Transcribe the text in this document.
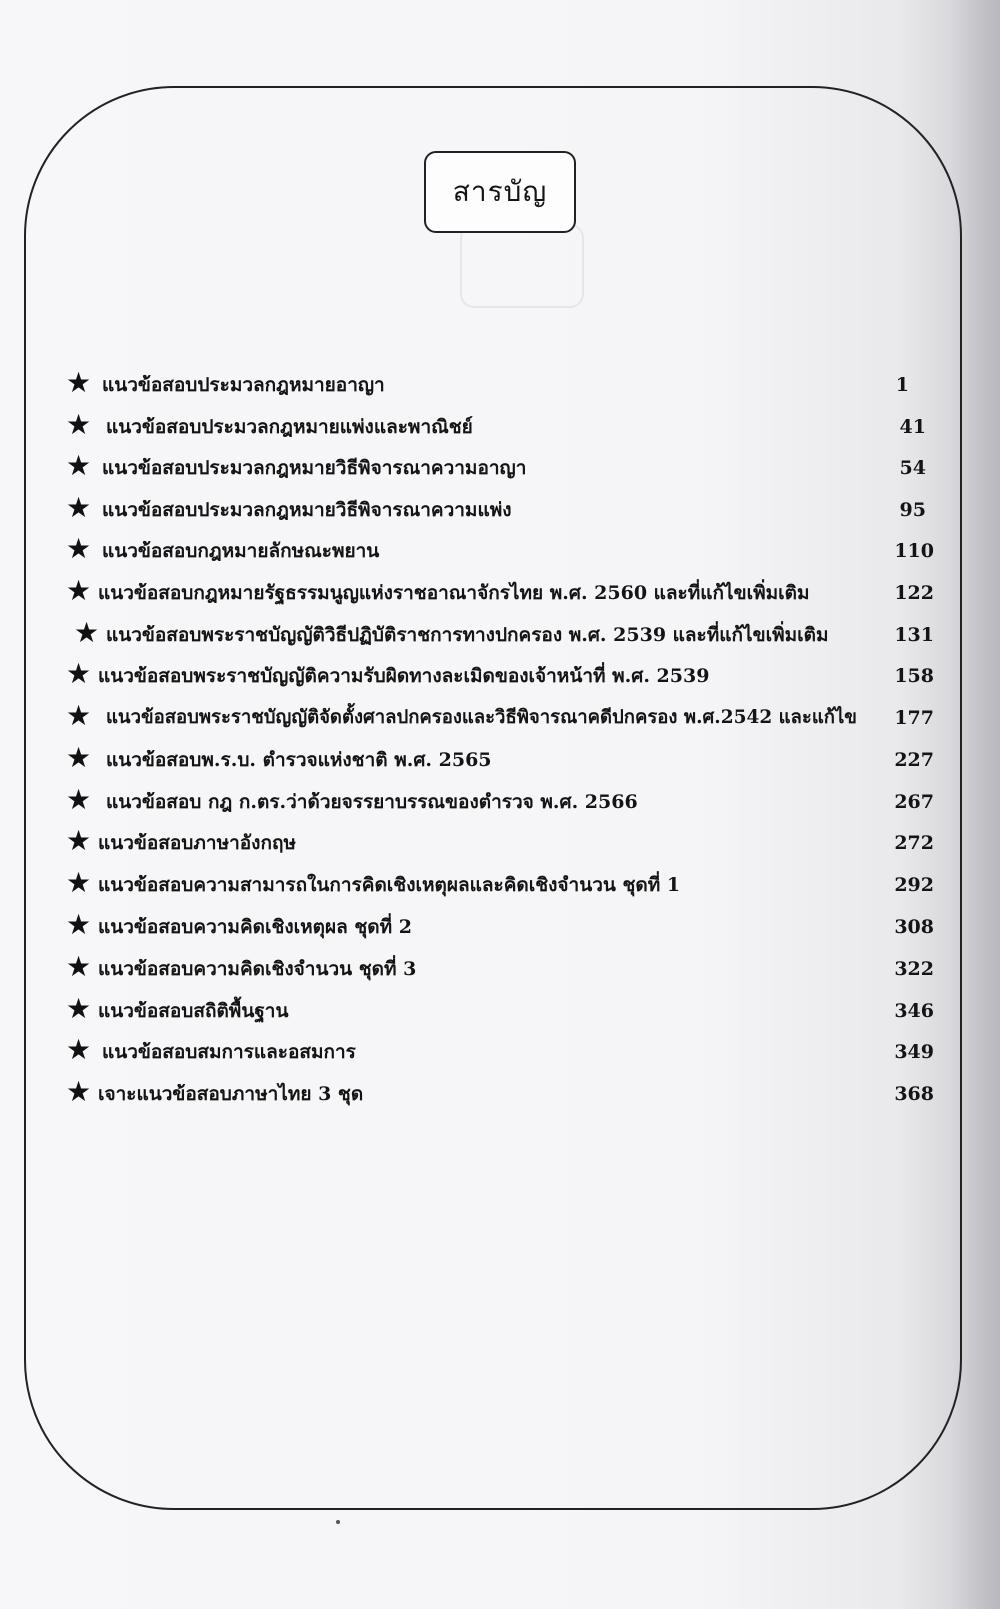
สารบัญ
★ แนวข้อสอบประมวลกฎหมายอาญา	1
★ แนวข้อสอบประมวลกฎหมายแพ่งและพาณิชย์	41
★ แนวข้อสอบประมวลกฎหมายวิธีพิจารณาความอาญา	54
★ แนวข้อสอบประมวลกฎหมายวิธีพิจารณาความแพ่ง	95
★ แนวข้อสอบกฎหมายลักษณะพยาน	110
★ แนวข้อสอบกฎหมายรัฐธรรมนูญแห่งราชอาณาจักรไทย พ.ศ. 2560 และที่แก้ไขเพิ่มเติม	122
★ แนวข้อสอบพระราชบัญญัติวิธีปฏิบัติราชการทางปกครอง พ.ศ. 2539 และที่แก้ไขเพิ่มเติม	131
★ แนวข้อสอบพระราชบัญญัติความรับผิดทางละเมิดของเจ้าหน้าที่ พ.ศ. 2539	158
★ แนวข้อสอบพระราชบัญญัติจัดตั้งศาลปกครองและวิธีพิจารณาคดีปกครอง พ.ศ.2542 และแก้ไข	177
★ แนวข้อสอบพ.ร.บ. ตำรวจแห่งชาติ พ.ศ. 2565	227
★ แนวข้อสอบ กฎ ก.ตร.ว่าด้วยจรรยาบรรณของตำรวจ พ.ศ. 2566	267
★ แนวข้อสอบภาษาอังกฤษ	272
★ แนวข้อสอบความสามารถในการคิดเชิงเหตุผลและคิดเชิงจำนวน ชุดที่ 1	292
★ แนวข้อสอบความคิดเชิงเหตุผล ชุดที่ 2	308
★ แนวข้อสอบความคิดเชิงจำนวน ชุดที่ 3	322
★ แนวข้อสอบสถิติพื้นฐาน	346
★ แนวข้อสอบสมการและอสมการ	349
★ เจาะแนวข้อสอบภาษาไทย 3 ชุด	368
